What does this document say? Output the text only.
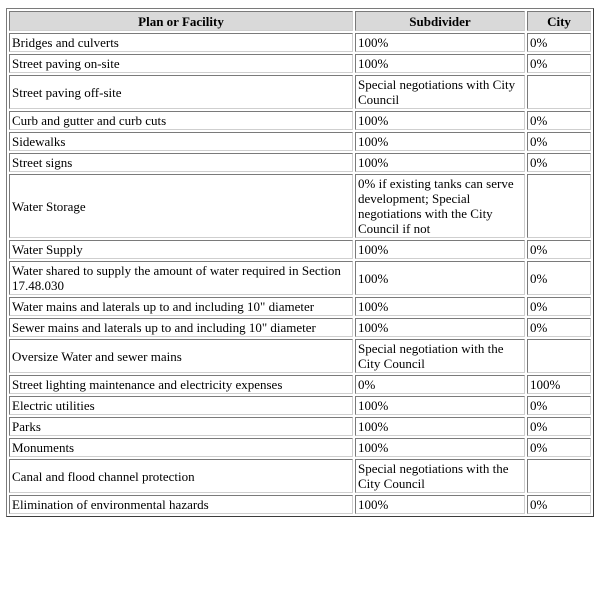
Plan or Facility	Subdivider	City
Bridges and culverts	100%	0%
Street paving on-site	100%	0%
Street paving off-site	Special negotiations with City Council	
Curb and gutter and curb cuts	100%	0%
Sidewalks	100%	0%
Street signs	100%	0%
Water Storage	0% if existing tanks can serve development; Special negotiations with the City Council if not	
Water Supply	100%	0%
Water shared to supply the amount of water required in Section 17.48.030	100%	0%
Water mains and laterals up to and including 10" diameter	100%	0%
Sewer mains and laterals up to and including 10" diameter	100%	0%
Oversize Water and sewer mains	Special negotiation with the City Council	
Street lighting maintenance and electricity expenses	0%	100%
Electric utilities	100%	0%
Parks	100%	0%
Monuments	100%	0%
Canal and flood channel protection	Special negotiations with the City Council	
Elimination of environmental hazards	100%	0%
